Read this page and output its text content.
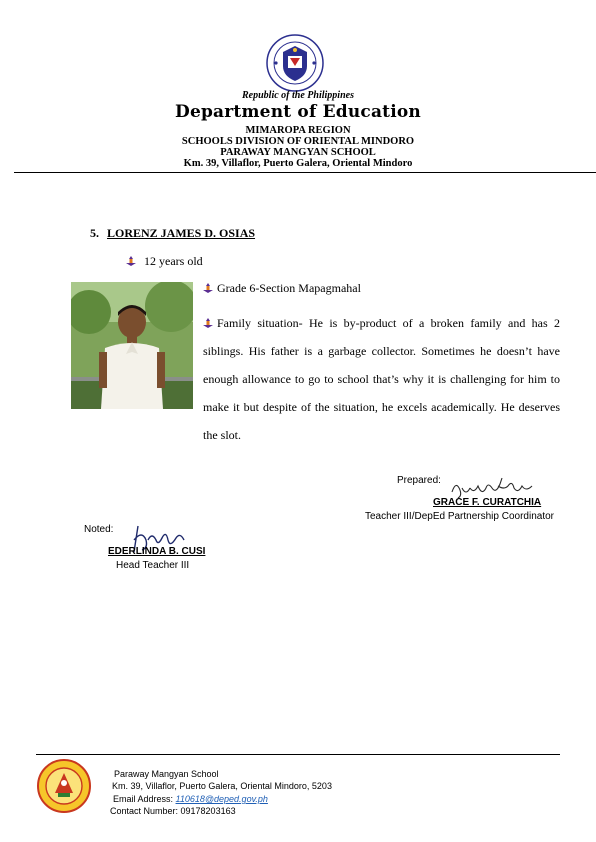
Republic of the Philippines
Department of Education
MIMAROPA REGION
SCHOOLS DIVISION OF ORIENTAL MINDORO
PARAWAY MANGYAN SCHOOL
Km. 39, Villaflor, Puerto Galera, Oriental Mindoro
5. LORENZ JAMES D. OSIAS
12 years old
Grade 6-Section Mapagmahal
Family situation- He is by-product of a broken family and has 2 siblings. His father is a garbage collector. Sometimes he doesn’t have enough allowance to go to school that’s why it is challenging for him to make it but despite of the situation, he excels academically. He deserves the slot.
Prepared:
GRACE F. CURATCHIA
Teacher III/DepEd Partnership Coordinator
Noted:
EDERLINDA B. CUSI
Head Teacher III
Paraway Mangyan School
Km. 39, Villaflor, Puerto Galera, Oriental Mindoro, 5203
Email Address: 110618@deped.gov.ph
Contact Number: 09178203163
